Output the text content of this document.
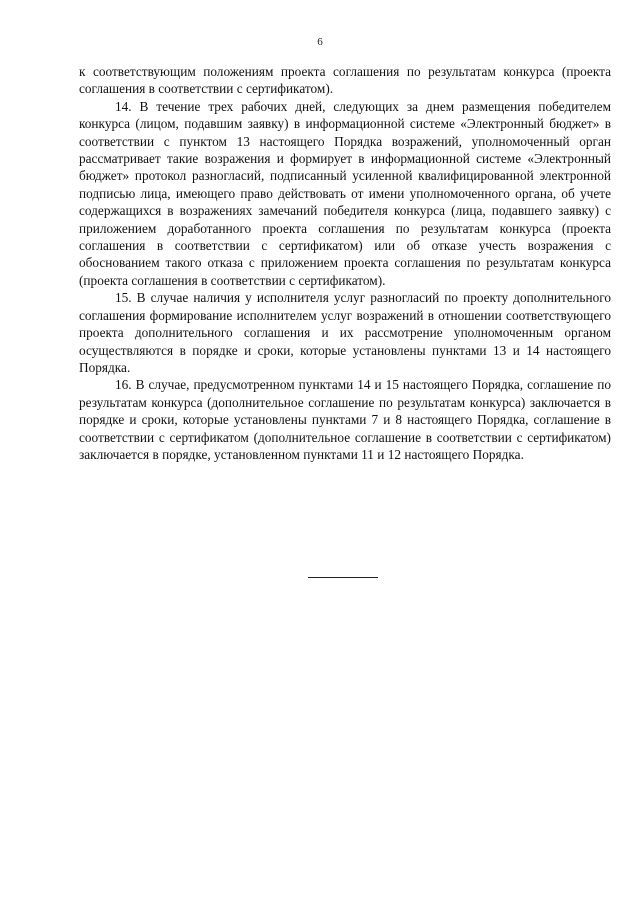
6

к соответствующим положениям проекта соглашения по результатам конкурса (проекта соглашения в соответствии с сертификатом).

14. В течение трех рабочих дней, следующих за днем размещения победителем конкурса (лицом, подавшим заявку) в информационной системе «Электронный бюджет» в соответствии с пунктом 13 настоящего Порядка возражений, уполномоченный орган рассматривает такие возражения и формирует в информационной системе «Электронный бюджет» протокол разногласий, подписанный усиленной квалифицированной электронной подписью лица, имеющего право действовать от имени уполномоченного органа, об учете содержащихся в возражениях замечаний победителя конкурса (лица, подавшего заявку) с приложением доработанного проекта соглашения по результатам конкурса (проекта соглашения в соответствии с сертификатом) или об отказе учесть возражения с обоснованием такого отказа с приложением проекта соглашения по результатам конкурса (проекта соглашения в соответствии с сертификатом).

15. В случае наличия у исполнителя услуг разногласий по проекту дополнительного соглашения формирование исполнителем услуг возражений в отношении соответствующего проекта дополнительного соглашения и их рассмотрение уполномоченным органом осуществляются в порядке и сроки, которые установлены пунктами 13 и 14 настоящего Порядка.

16. В случае, предусмотренном пунктами 14 и 15 настоящего Порядка, соглашение по результатам конкурса (дополнительное соглашение по результатам конкурса) заключается в порядке и сроки, которые установлены пунктами 7 и 8 настоящего Порядка, соглашение в соответствии с сертификатом (дополнительное соглашение в соответствии с сертификатом) заключается в порядке, установленном пунктами 11 и 12 настоящего Порядка.
